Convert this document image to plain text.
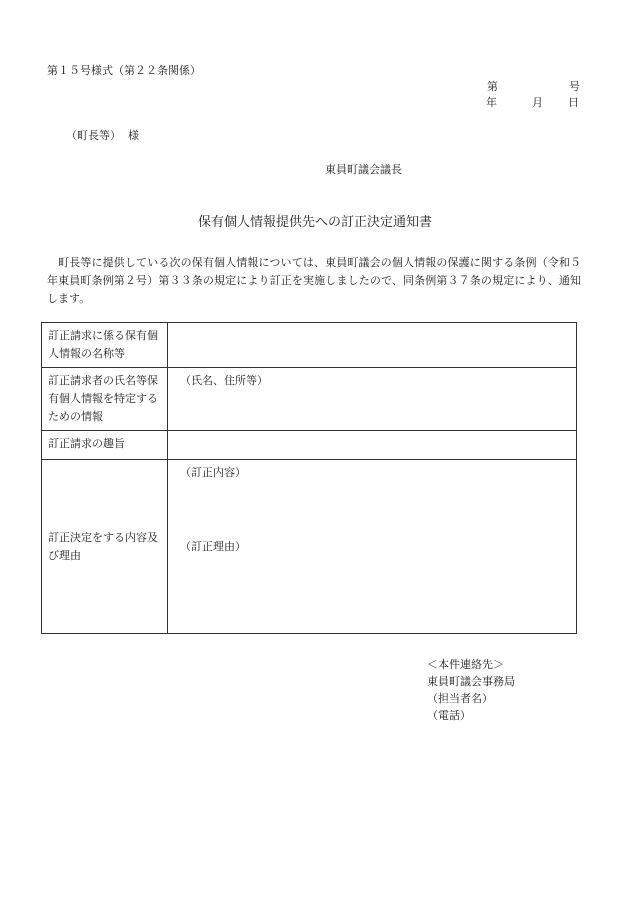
第１５号様式（第２２条関係）
第	号
年	月 日
（町長等） 様
東員町議会議長
保有個人情報提供先への訂正決定通知書
　町長等に提供している次の保有個人情報については、東員町議会の個人情報の保護に関する条例（令和５年東員町条例第２号）第３３条の規定により訂正を実施しましたので、同条例第３７条の規定により、通知します。
訂正請求に係る保有個人情報の名称等	
訂正請求者の氏名等保有個人情報を特定するための情報	（氏名、住所等）

訂正請求の趣旨	
訂正決定をする内容及び理由	（訂正内容）
（訂正理由）
＜本件連絡先＞
東員町議会事務局
（担当者名）
（電話）
